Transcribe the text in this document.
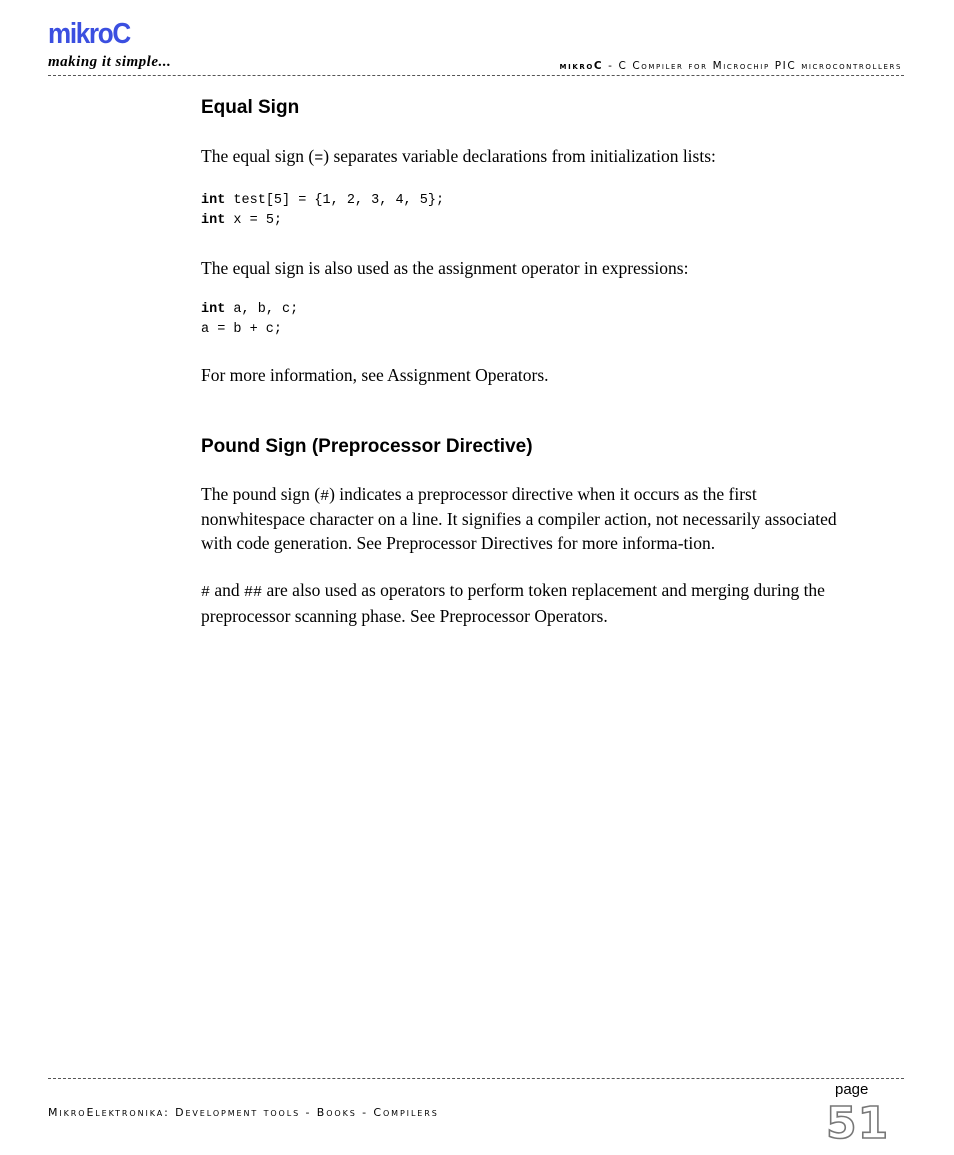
mikroC
making it simple...	mikroC - C Compiler for Microchip PIC microcontrollers
Equal Sign

The equal sign (=) separates variable declarations from initialization lists:

int test[5] = {1, 2, 3, 4, 5};
int x = 5;

The equal sign is also used as the assignment operator in expressions:

int a, b, c;
a = b + c;

For more information, see Assignment Operators.

Pound Sign (Preprocessor Directive)

The pound sign (#) indicates a preprocessor directive when it occurs as the first nonwhitespace character on a line. It signifies a compiler action, not necessarily associated with code generation. See Preprocessor Directives for more informa-tion.

# and ## are also used as operators to perform token replacement and merging during the preprocessor scanning phase. See Preprocessor Operators.

MikroElektronika: Development tools - Books - Compilers
page
51
